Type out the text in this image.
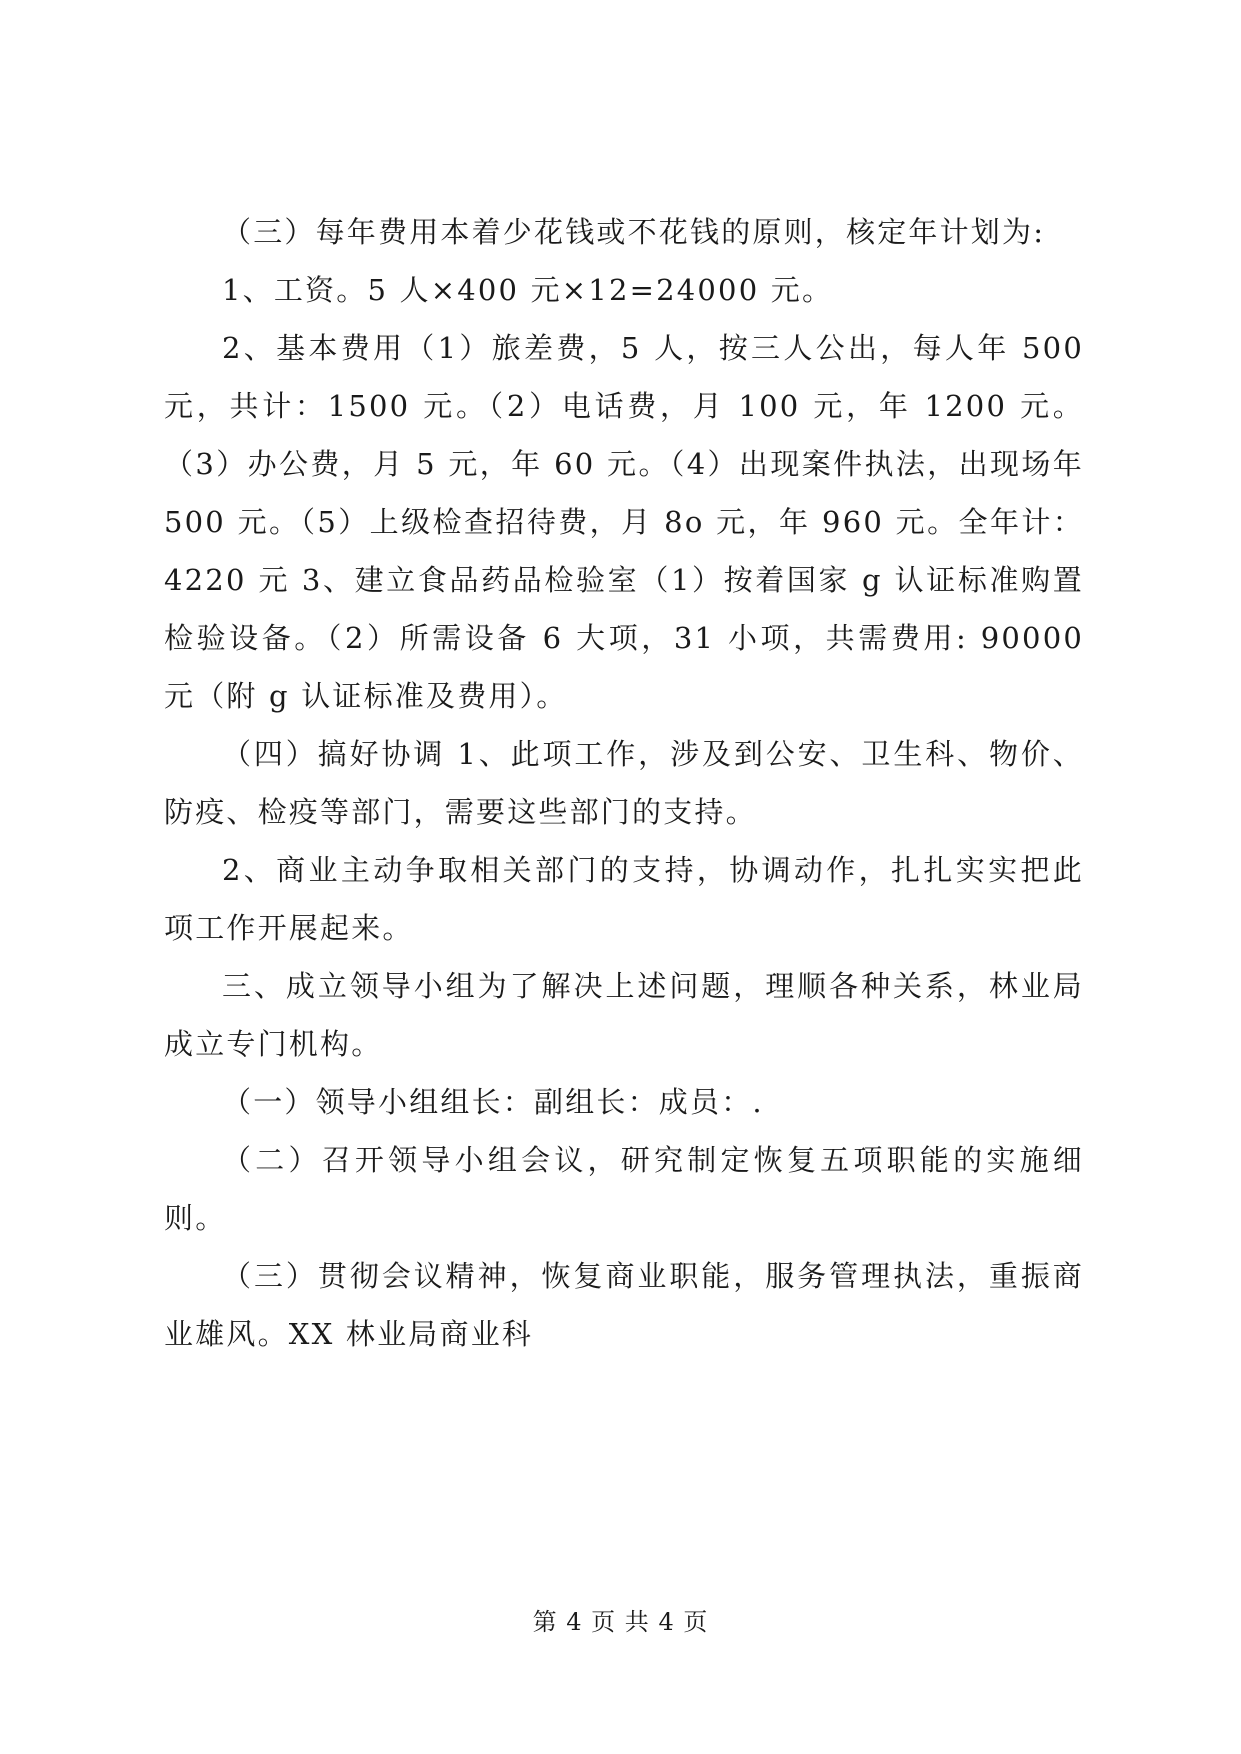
（三）每年费用本着少花钱或不花钱的原则，核定年计划为:

1、工资。5 人×400 元×12=24000 元。

2、基本费用（1）旅差费，5 人，按三人公出，每人年 500 元，共计：1500 元。（2）电话费，月 100 元，年 1200 元。（3）办公费，月 5 元，年 60 元。（4）出现案件执法，出现场年 500 元。（5）上级检查招待费，月 8o 元，年 960 元。全年计：4220 元 3、建立食品药品检验室（1）按着国家 g 认证标准购置检验设备。（2）所需设备 6 大项，31 小项，共需费用: 90000 元（附 g 认证标准及费用）。

（四）搞好协调 1、此项工作，涉及到公安、卫生科、物价、防疫、检疫等部门，需要这些部门的支持。

2、商业主动争取相关部门的支持，协调动作，扎扎实实把此项工作开展起来。

三、成立领导小组为了解决上述问题，理顺各种关系，林业局成立专门机构。

（一）领导小组组长：副组长：成员：.

（二）召开领导小组会议，研究制定恢复五项职能的实施细则。

（三）贯彻会议精神，恢复商业职能，服务管理执法，重振商业雄风。XX 林业局商业科

第 4 页 共 4 页
